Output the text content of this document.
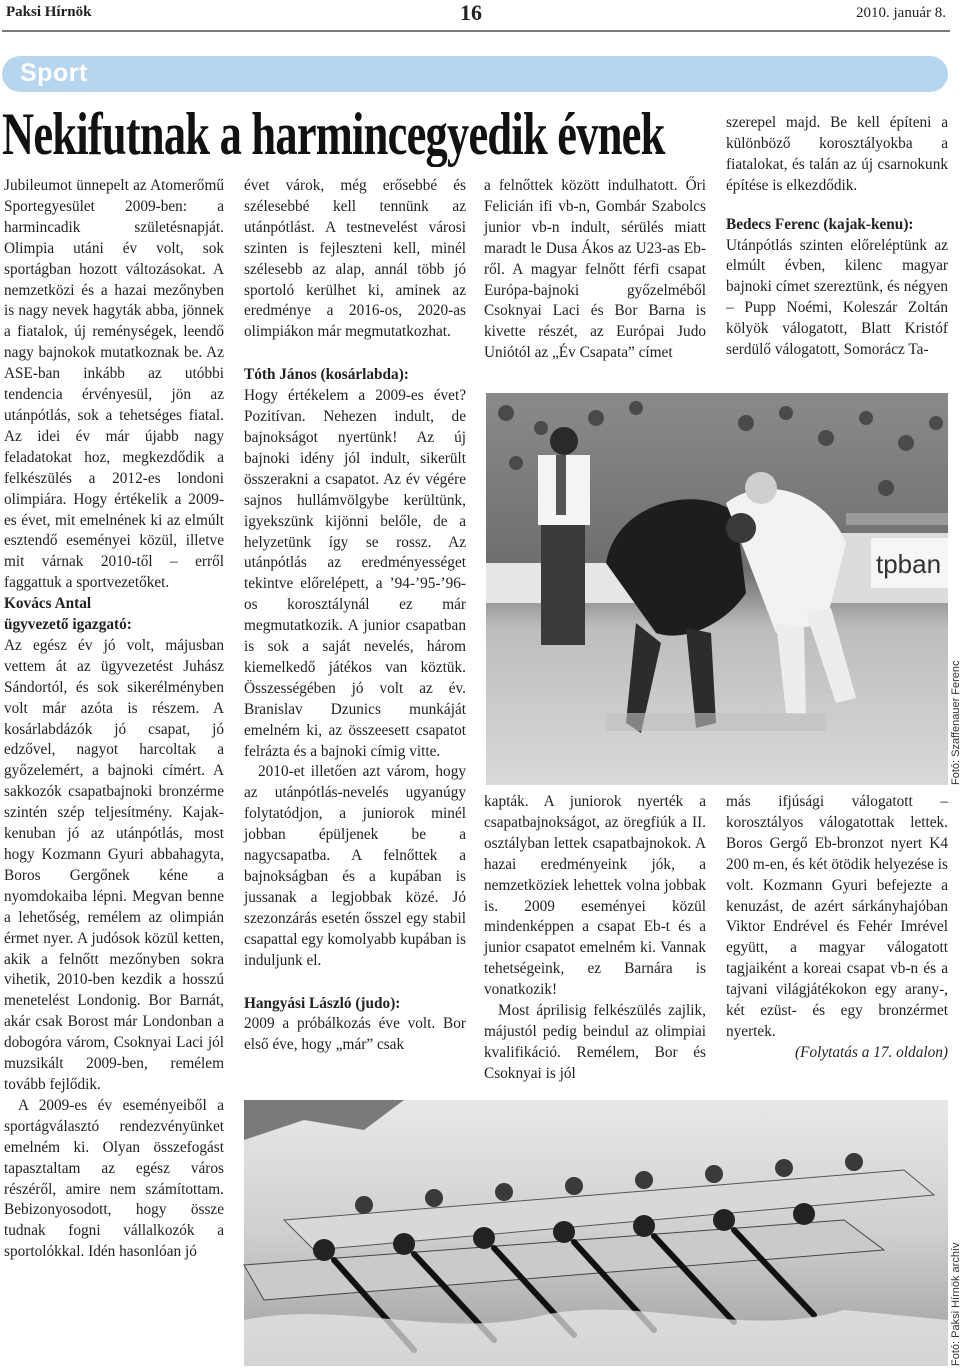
Paksi Hírnök	16	2010. január 8.
Sport
Nekifutnak a harmincegyedik évnek

Jubileumot ünnepelt az Atomerőmű Sportegyesület 2009-ben: a harmincadik születésnapját. Olimpia utáni év volt, sok sportágban hozott változásokat. A nemzetközi és a hazai mezőnyben is nagy nevek hagyták abba, jönnek a fiatalok, új reménységek, leendő nagy bajnokok mutatkoznak be. Az ASE-ban inkább az utóbbi tendencia érvényesül, jön az utánpótlás, sok a tehetséges fiatal. Az idei év már újabb nagy feladatokat hoz, megkezdődik a felkészülés a 2012-es londoni olimpiára. Hogy értékelik a 2009-es évet, mit emelnének ki az elmúlt esztendő eseményei közül, illetve mit várnak 2010-től – erről faggattuk a sportvezetőket.

Kovács Antal
ügyvezető igazgató:

Az egész év jó volt, májusban vettem át az ügyvezetést Juhász Sándortól, és sok sikerélményben volt már azóta is részem. A kosárlabdázók jó csapat, jó edzővel, nagyot harcoltak a győzelemért, a bajnoki címért. A sakkozók csapatbajnoki bronzérme szintén szép teljesítmény. Kajak-kenuban jó az utánpótlás, most hogy Kozmann Gyuri abbahagyta, Boros Gergőnek kéne a nyomdokaiba lépni. Megvan benne a lehetőség, remélem az olimpián érmet nyer. A judósok közül ketten, akik a felnőtt mezőnyben sokra vihetik, 2010-ben kezdik a hosszú menetelést Londonig. Bor Barnát, akár csak Borost már Londonban a dobogóra várom, Csoknyai Laci jól muzsikált 2009-ben, remélem tovább fejlődik.

A 2009-es év eseményeiből a sportágválasztó rendezvényünket emelném ki. Olyan összefogást tapasztaltam az egész város részéről, amire nem számítottam. Bebizonyosodott, hogy össze tudnak fogni vállalkozók a sportolókkal. Idén hasonlóan jó

évet várok, még erősebbé és szélesebbé kell tennünk az utánpótlást. A testnevelést városi szinten is fejleszteni kell, minél szélesebb az alap, annál több jó sportoló kerülhet ki, aminek az eredménye a 2016-os, 2020-as olimpiákon már megmutatkozhat.

Tóth János (kosárlabda):

Hogy értékelem a 2009-es évet? Pozitívan. Nehezen indult, de bajnokságot nyertünk! Az új bajnoki idény jól indult, sikerült összerakni a csapatot. Az év végére sajnos hullámvölgybe kerültünk, igyekszünk kijönni belőle, de a helyzetünk így se rossz. Az utánpótlás az eredményességet tekintve előrelépett, a ’94-’95-’96-os korosztálynál ez már megmutatkozik. A junior csapatban is sok a saját nevelés, három kiemelkedő játékos van köztük. Összességében jó volt az év. Branislav Dzunics munkáját emelném ki, az összeesett csapatot felrázta és a bajnoki címig vitte.

2010-et illetően azt várom, hogy az utánpótlás-nevelés ugyanúgy folytatódjon, a juniorok minél jobban épüljenek be a nagycsapatba. A felnőttek a bajnokságban és a kupában is jussanak a legjobbak közé. Jó szezonzárás esetén ősszel egy stabil csapattal egy komolyabb kupában is induljunk el.

Hangyási László (judo):

2009 a próbálkozás éve volt. Bor első éve, hogy „már” csak

a felnőttek között indulhatott. Őri Felicián ifi vb-n, Gombár Szabolcs junior vb-n indult, sérülés miatt maradt le Dusa Ákos az U23-as Eb-ről. A magyar felnőtt férfi csapat Európa-bajnoki győzelméből Csoknyai Laci és Bor Barna is kivette részét, az Európai Judo Uniótól az „Év Csapata” címet

szerepel majd. Be kell építeni a különböző korosztályokba a fiatalokat, és talán az új csarnokunk építése is elkezdődik.

Bedecs Ferenc (kajak-kenu):

Utánpótlás szinten előreléptünk az elmúlt évben, kilenc magyar bajnoki címet szereztünk, és négyen – Pupp Noémi, Koleszár Zoltán kölyök válogatott, Blatt Kristóf serdülő válogatott, Somorácz Ta-

tpban
Fotó: Szaffenauer Ferenc

kapták. A juniorok nyerték a csapatbajnokságot, az öregfiúk a II. osztályban lettek csapatbajnokok. A hazai eredményeink jók, a nemzetköziek lehettek volna jobbak is. 2009 eseményei közül mindenképpen a csapat Eb-t és a junior csapatot emelném ki. Vannak tehetségeink, ez Barnára is vonatkozik!

Most áprilisig felkészülés zajlik, májustól pedig beindul az olimpiai kvalifikáció. Remélem, Bor és Csoknyai is jól

más ifjúsági válogatott – korosztályos válogatottak lettek. Boros Gergő Eb-bronzot nyert K4 200 m-en, és két ötödik helyezése is volt. Kozmann Gyuri befejezte a kenuzást, de azért sárkányhajóban Viktor Endrével és Fehér Imrével együtt, a magyar válogatott tagjaiként a koreai csapat vb-n és a tajvani világjátékokon egy arany-, két ezüst- és egy bronzérmet nyertek.

(Folytatás a 17. oldalon)

Fotó: Paksi Hírnök archív
